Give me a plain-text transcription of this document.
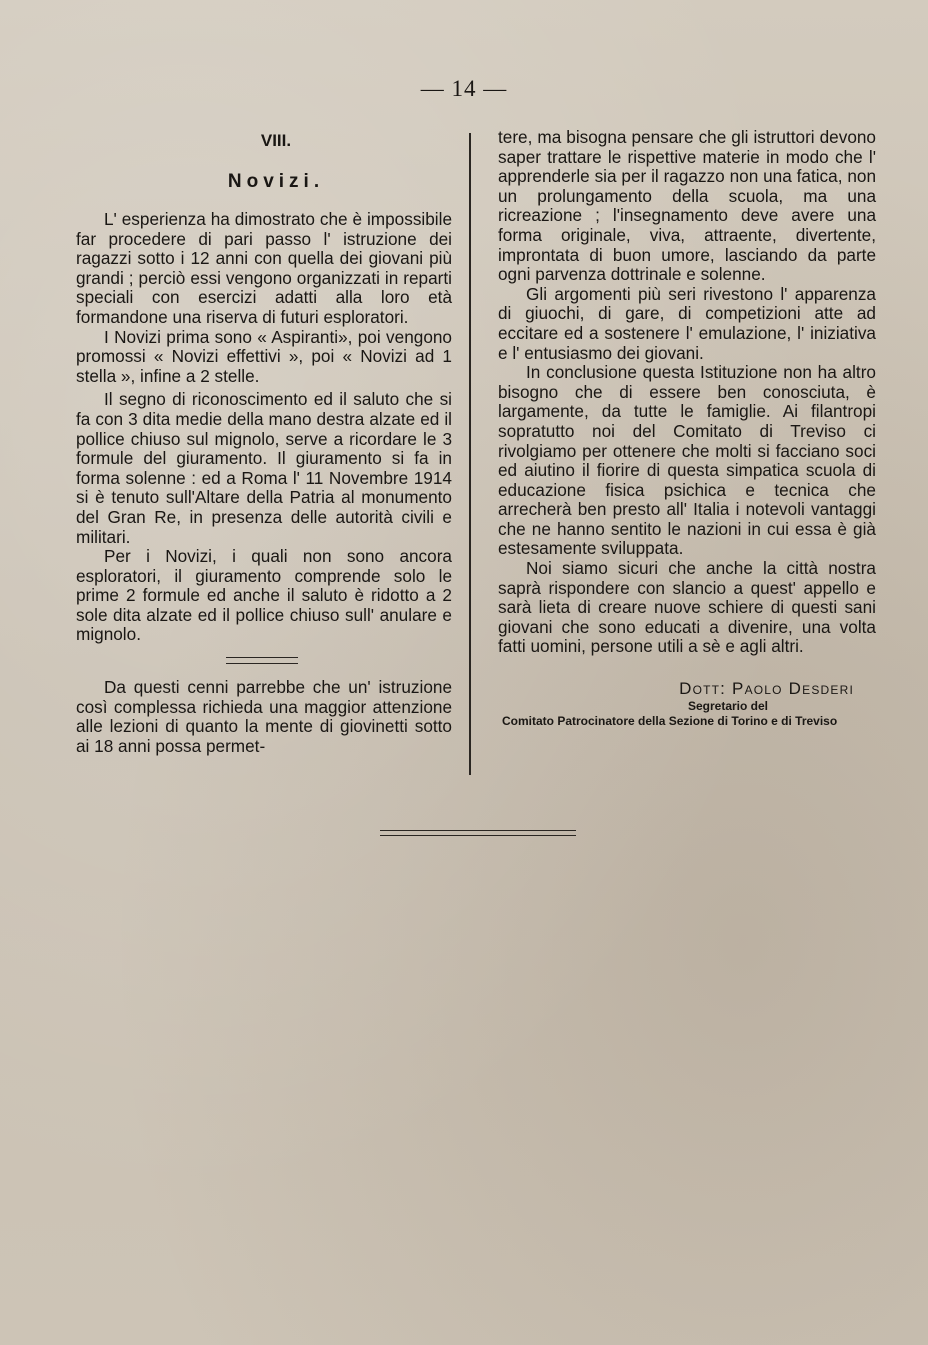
— 14 —
VIII.
Novizi.

L' esperienza ha dimostrato che è impossibile far procedere di pari passo l' istruzione dei ragazzi sotto i 12 anni con quella dei giovani più grandi ; perciò essi vengono organizzati in reparti speciali con esercizi adatti alla loro età formandone una riserva di futuri esploratori.

I Novizi prima sono « Aspiranti», poi vengono promossi « Novizi effettivi », poi « Novizi ad 1 stella », infine a 2 stelle.

Il segno di riconoscimento ed il saluto che si fa con 3 dita medie della mano destra alzate ed il pollice chiuso sul mignolo, serve a ricordare le 3 formule del giuramento. Il giuramento si fa in forma solenne : ed a Roma l' 11 Novembre 1914 si è tenuto sull'Altare della Patria al monumento del Gran Re, in presenza delle autorità civili e militari.

Per i Novizi, i quali non sono ancora esploratori, il giuramento comprende solo le prime 2 formule ed anche il saluto è ridotto a 2 sole dita alzate ed il pollice chiuso sull' anulare e mignolo.

Da questi cenni parrebbe che un' istruzione così complessa richieda una maggior attenzione alle lezioni di quanto la mente di giovinetti sotto ai 18 anni possa permet-

tere, ma bisogna pensare che gli istruttori devono saper trattare le rispettive materie in modo che l' apprenderle sia per il ragazzo non una fatica, non un prolungamento della scuola, ma una ricreazione ; l'insegnamento deve avere una forma originale, viva, attraente, divertente, improntata di buon umore, lasciando da parte ogni parvenza dottrinale e solenne.

Gli argomenti più seri rivestono l' apparenza di giuochi, di gare, di competizioni atte ad eccitare ed a sostenere l' emulazione, l' iniziativa e l' entusiasmo dei giovani.

In conclusione questa Istituzione non ha altro bisogno che di essere ben conosciuta, è largamente, da tutte le famiglie. Ai filantropi sopratutto noi del Comitato di Treviso ci rivolgiamo per ottenere che molti si facciano soci ed aiutino il fiorire di questa simpatica scuola di educazione fisica psichica e tecnica che arrecherà ben presto all' Italia i notevoli vantaggi che ne hanno sentito le nazioni in cui essa è già estesamente sviluppata.

Noi siamo sicuri che anche la città nostra saprà rispondere con slancio a quest' appello e sarà lieta di creare nuove schiere di questi sani giovani che sono educati a divenire, una volta fatti uomini, persone utili a sè e agli altri.

Dott: Paolo Desderi
Segretario del
Comitato Patrocinatore della Sezione di Torino e di Treviso
